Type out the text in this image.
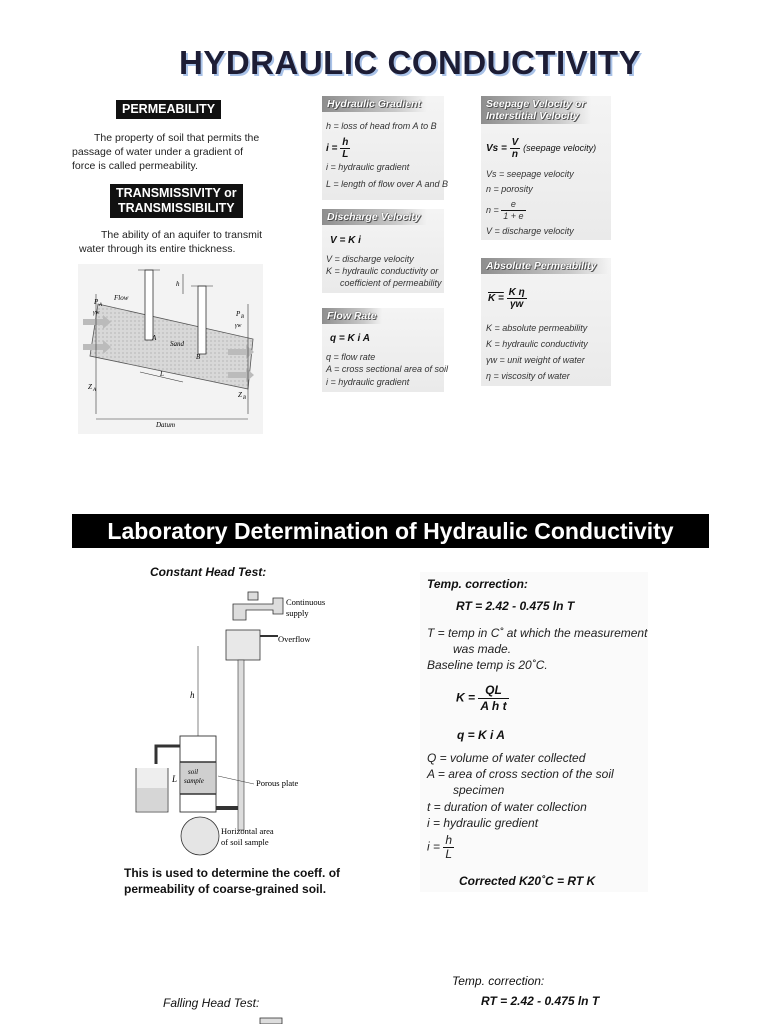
HYDRAULIC CONDUCTIVITY
PERMEABILITY
The property of soil that permits the
passage of water under a gradient of
force is called permeability.
TRANSMISSIVITY or
TRANSMISSIBILITY
The ability of an aquifer to transmit
water through its entire thickness.
Flow
Sand
Datum
h
L
A
B
P A
γw	P B
γw
Z A
Z B
Hydraulic Gradient
h = loss of head from A to B
$i = \frac{h}{L}$
i = hydraulic gradient
L = length of flow over A and B
Discharge Velocity
V = K i
V = discharge velocity
K = hydraulic conductivity or
coefficient of permeability
Flow Rate
q = K i A
q = flow rate
A = cross sectional area of soil
i = hydraulic gradient
Seepage Velocity or
Interstitial Velocity
$Vs = \frac{V}{n}$ (seepage velocity)
Vs = seepage velocity
n = porosity
$n = \frac{e}{1 + e}$
V = discharge velocity
Absolute Permeability
$K = \frac{\text{K η}}{\gamma w}$
K = absolute permeability
K = hydraulic conductivity
γw = unit weight of water
η = viscosity of water
Laboratory Determination of Hydraulic Conductivity
Constant Head Test:
h
L
soil
sample
Continuous
supply
Overflow
Porous plate
Horizontal area
of soil sample
This is used to determine the coeff. of
permeability of coarse-grained soil.
Temp. correction:
RT = 2.42 - 0.475 ln T
T = temp in C˚ at which the measurement
was made.
Baseline temp is 20˚C.
$K = \frac{QL}{\text{A h t}}$
q = K i A
Q = volume of water collected
A = area of cross section of the soil
specimen
t = duration of water collection
i = hydraulic gredient
$i = \frac{h}{L}$
Corrected K20˚C = RT K
Temp. correction:
RT = 2.42 - 0.475 ln T
Falling Head Test:
